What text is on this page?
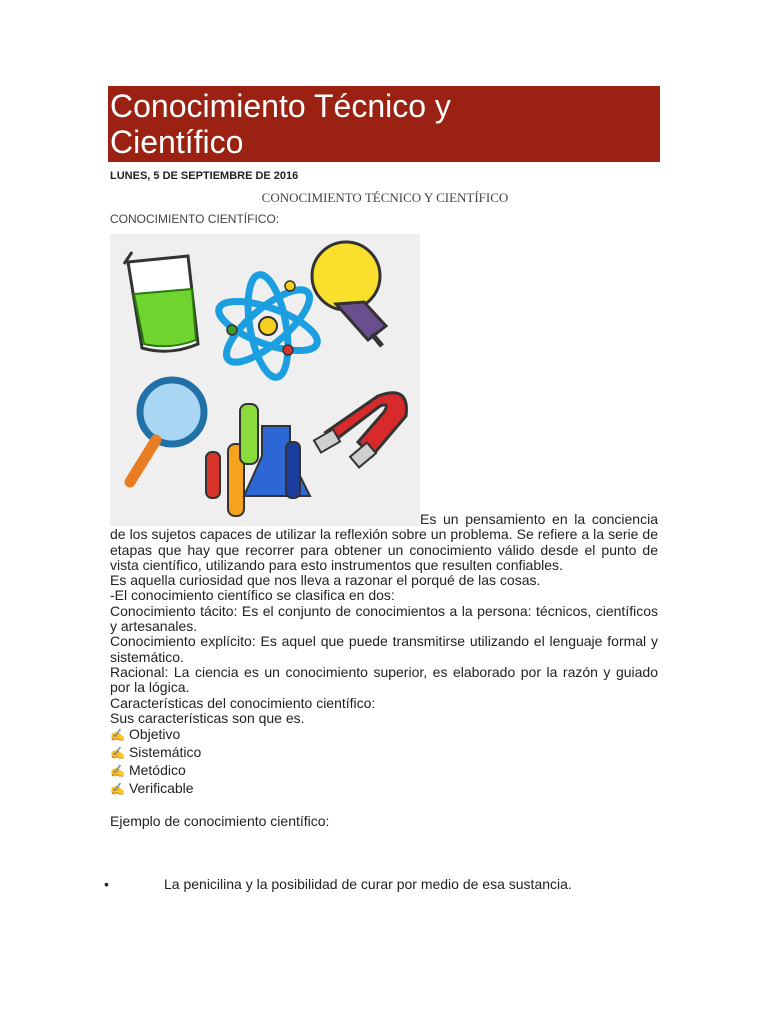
Conocimiento Técnico y
Científico
LUNES, 5 DE SEPTIEMBRE DE 2016
CONOCIMIENTO TÉCNICO Y CIENTÍFICO
CONOCIMIENTO CIENTÍFICO:
Es un pensamiento en la conciencia de los sujetos capaces de utilizar la reflexión sobre un problema. Se refiere a la serie de etapas que hay que recorrer para obtener un conocimiento válido desde el punto de vista científico, utilizando para esto instrumentos que resulten confiables.
Es aquella curiosidad que nos lleva a razonar el porqué de las cosas.
-El conocimiento científico se clasifica en dos:
Conocimiento tácito: Es el conjunto de conocimientos a la persona: técnicos, científicos y artesanales.
Conocimiento explícito: Es aquel que puede transmitirse utilizando el lenguaje formal y sistemático.
Racional: La ciencia es un conocimiento superior, es elaborado por la razón y guiado por la lógica.
Características del conocimiento científico:
Sus características son que es.
✍ Objetivo
✍ Sistemático
✍ Metódico
✍ Verificable
Ejemplo de conocimiento científico:
•	La penicilina y la posibilidad de curar por medio de esa sustancia.
